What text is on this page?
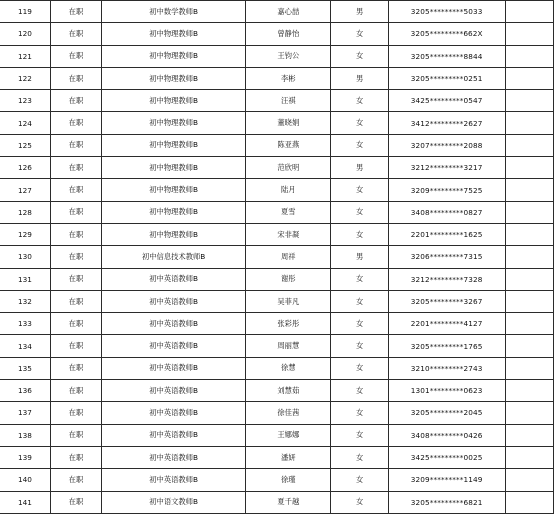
119	在职	初中数学教师B	嘉心喆	男	3205*********5033	
120	在职	初中物理教师B	曾静怡	女	3205*********662X	
121	在职	初中物理教师B	王钧公	女	3205*********8844	
122	在职	初中物理教师B	李彬	男	3205*********0251	
123	在职	初中物理教师B	汪祺	女	3425*********0547	
124	在职	初中物理教师B	董晓娟	女	3412*********2627	
125	在职	初中物理教师B	陈亚燕	女	3207*********2088	
126	在职	初中物理教师B	范欣明	男	3212*********3217	
127	在职	初中物理教师B	陆月	女	3209*********7525	
128	在职	初中物理教师B	夏雪	女	3408*********0827	
129	在职	初中物理教师B	宋非凝	女	2201*********1625	
130	在职	初中信息技术教师B	周祥	男	3206*********7315	
131	在职	初中英语教师B	谢彤	女	3212*********7328	
132	在职	初中英语教师B	吴菲凡	女	3205*********3267	
133	在职	初中英语教师B	张彩彤	女	2201*********4127	
134	在职	初中英语教师B	周丽慧	女	3205*********1765	
135	在职	初中英语教师B	徐慧	女	3210*********2743	
136	在职	初中英语教师B	刘慧茹	女	1301*********0623	
137	在职	初中英语教师B	徐佳茜	女	3205*********2045	
138	在职	初中英语教师B	王娜娜	女	3408*********0426	
139	在职	初中英语教师B	潘妍	女	3425*********0025	
140	在职	初中英语教师B	徐瑾	女	3209*********1149	
141	在职	初中语文教师B	夏千越	女	3205*********6821	
